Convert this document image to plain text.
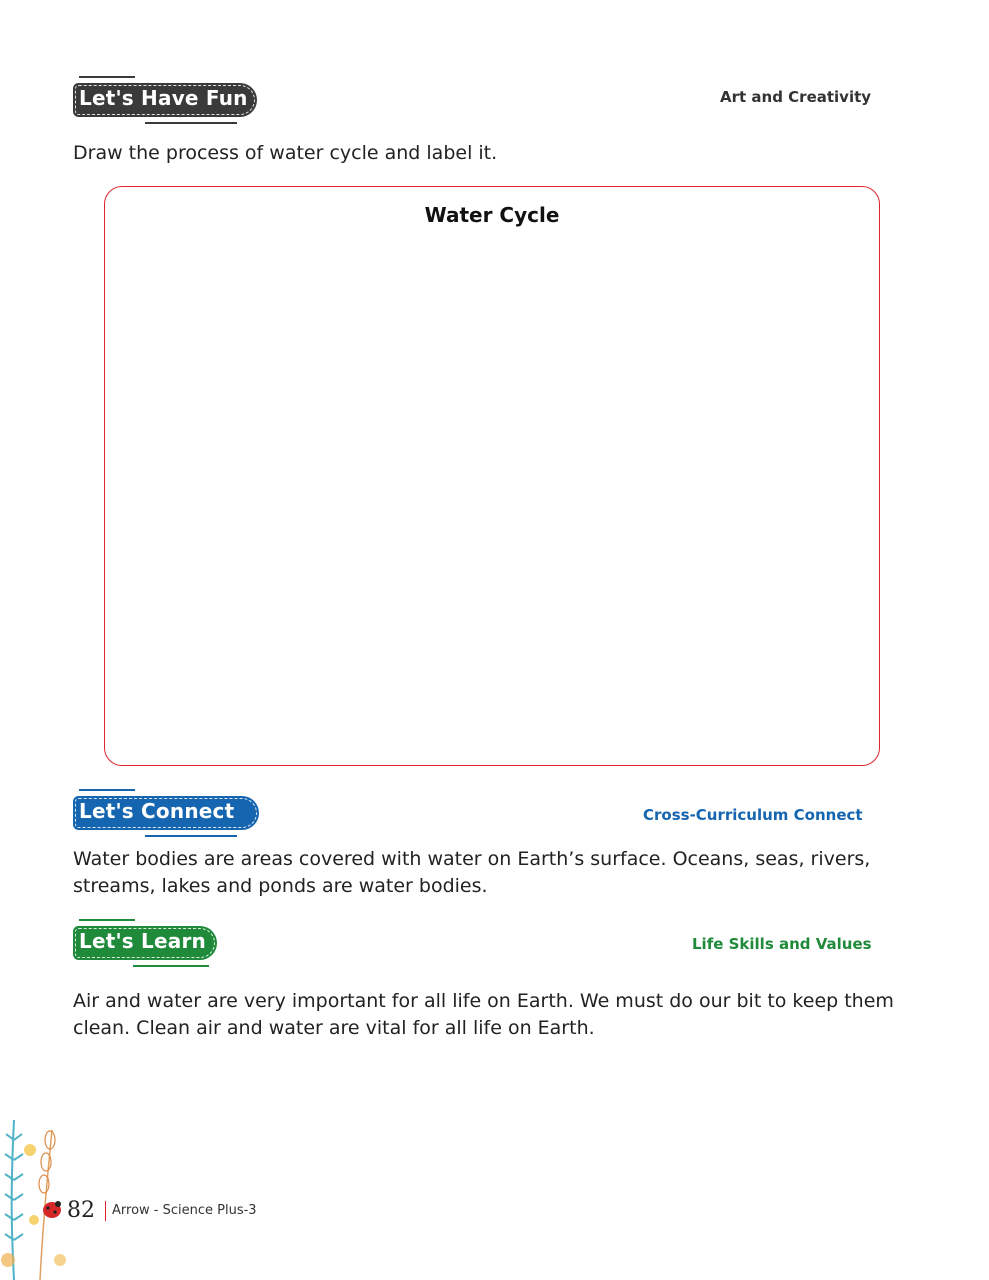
Let's Have Fun	Art and Creativity
Draw the process of water cycle and label it.
Water Cycle
Let's Connect	Cross-Curriculum Connect
Water bodies are areas covered with water on Earth’s surface. Oceans, seas, rivers, streams, lakes and ponds are water bodies.
Let's Learn	Life Skills and Values
Air and water are very important for all life on Earth. We must do our bit to keep them clean. Clean air and water are vital for all life on Earth.
82 Arrow - Science Plus-3
